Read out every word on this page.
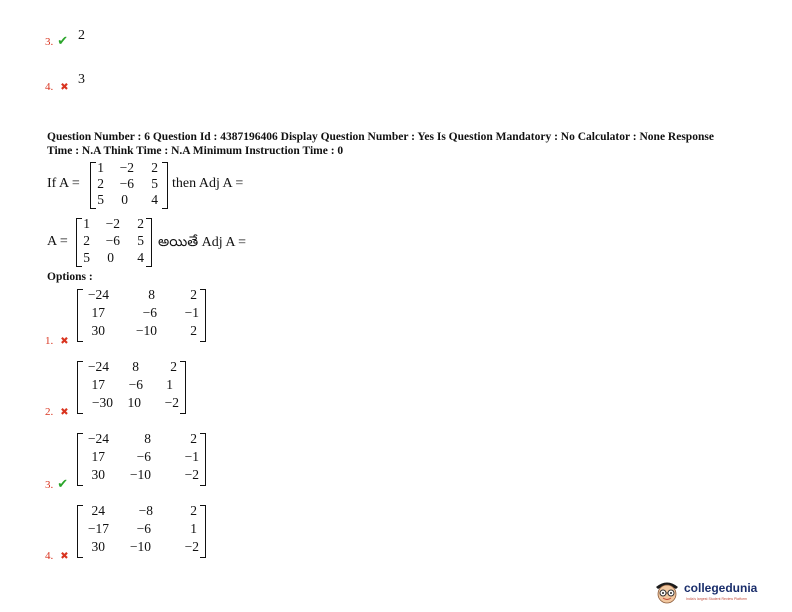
3. ✔ 2
4. ✖
3
Question Number : 6 Question Id : 4387196406 Display Question Number : Yes Is Question Mandatory : No Calculator : None Response
Time : N.A Think Time : N.A Minimum Instruction Time : 0
If A =
1	−2	2
2	−6	5
5	0	4
then Adj A =
A =
1	−2	2
2	−6	5
5	0	4
అయితే Adj A =
Options :
1. ✖
−24	8	2
17	−6	−1
30	−10	2
2. ✖
−24	8	2
17	−6	1
−30	10	−2
3. ✔
−24	8	2
17	−6	−1
30	−10	−2
4. ✖
24	−8	2
−17	−6	1
30	−10	−2
collegedunia
India's largest Student Review Platform
